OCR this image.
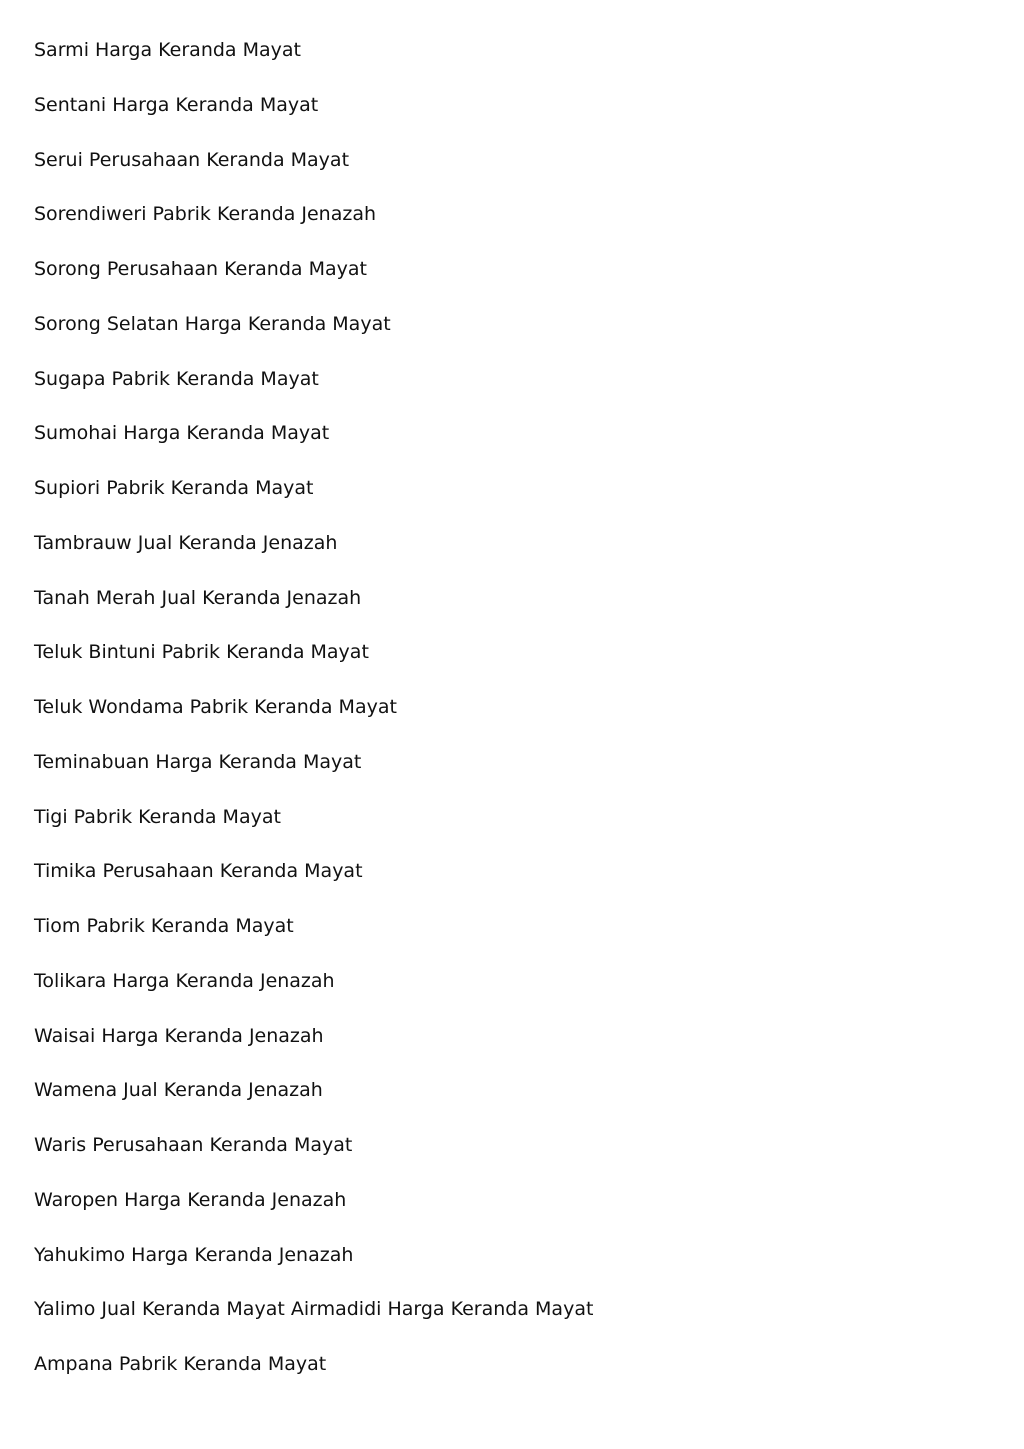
Sarmi Harga Keranda Mayat
Sentani Harga Keranda Mayat
Serui Perusahaan Keranda Mayat
Sorendiweri Pabrik Keranda Jenazah
Sorong Perusahaan Keranda Mayat
Sorong Selatan Harga Keranda Mayat
Sugapa Pabrik Keranda Mayat
Sumohai Harga Keranda Mayat
Supiori Pabrik Keranda Mayat
Tambrauw Jual Keranda Jenazah
Tanah Merah Jual Keranda Jenazah
Teluk Bintuni Pabrik Keranda Mayat
Teluk Wondama Pabrik Keranda Mayat
Teminabuan Harga Keranda Mayat
Tigi Pabrik Keranda Mayat
Timika Perusahaan Keranda Mayat
Tiom Pabrik Keranda Mayat
Tolikara Harga Keranda Jenazah
Waisai Harga Keranda Jenazah
Wamena Jual Keranda Jenazah
Waris Perusahaan Keranda Mayat
Waropen Harga Keranda Jenazah
Yahukimo Harga Keranda Jenazah
Yalimo Jual Keranda Mayat Airmadidi Harga Keranda Mayat
Ampana Pabrik Keranda Mayat
